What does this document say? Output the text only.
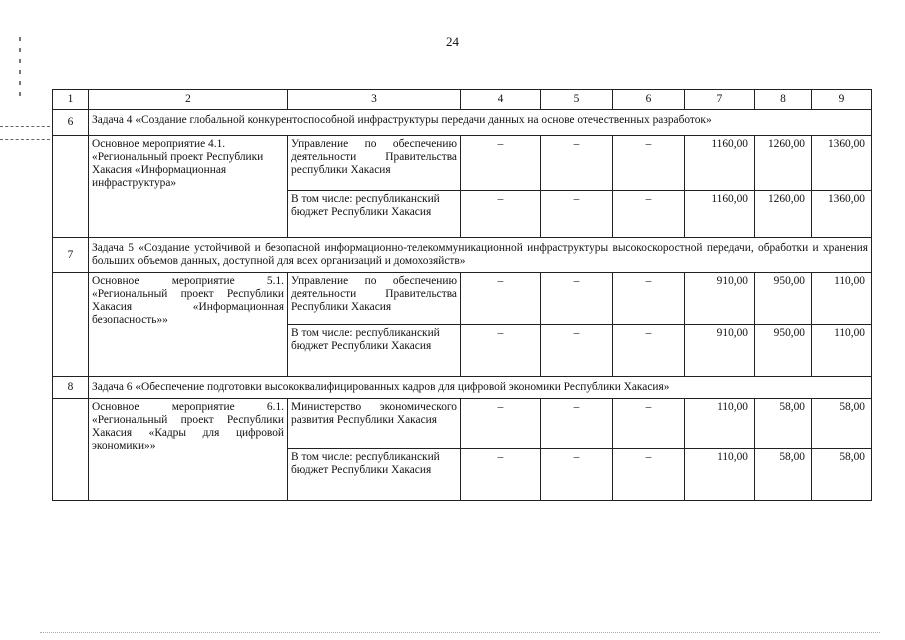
24
1	2	3	4	5	6	7	8	9
6	Задача 4 «Создание глобальной конкурентоспособной инфраструктуры передачи данных на основе отечественных разработок»							
	Основное мероприятие 4.1. «Региональный проект Республики Хакасия «Информационная инфраструктура»	Управление по обеспечению деятельности Правительства республики Хакасия	–	–	–	1160,00	1260,00	1360,00
		В том числе: республиканский бюджет Республики Хакасия	–	–	–	1160,00	1260,00	1360,00
7	Задача 5 «Создание устойчивой и безопасной информационно-телекоммуникационной инфраструктуры высокоскоростной передачи, обработки и хранения больших объемов данных, доступной для всех организаций и домохозяйств»							
	Основное мероприятие 5.1. «Региональный проект Республики Хакасия «Информационная безопасность»»	Управление по обеспечению деятельности Правительства Республики Хакасия	–	–	–	910,00	950,00	110,00
		В том числе: республиканский бюджет Республики Хакасия	–	–	–	910,00	950,00	110,00
8	Задача 6 «Обеспечение подготовки высококвалифицированных кадров для цифровой экономики Республики Хакасия»							
	Основное мероприятие 6.1. «Региональный проект Республики Хакасия «Кадры для цифровой экономики»»	Министерство экономического развития Республики Хакасия	–	–	–	110,00	58,00	58,00
		В том числе: республиканский бюджет Республики Хакасия	–	–	–	110,00	58,00	58,00
